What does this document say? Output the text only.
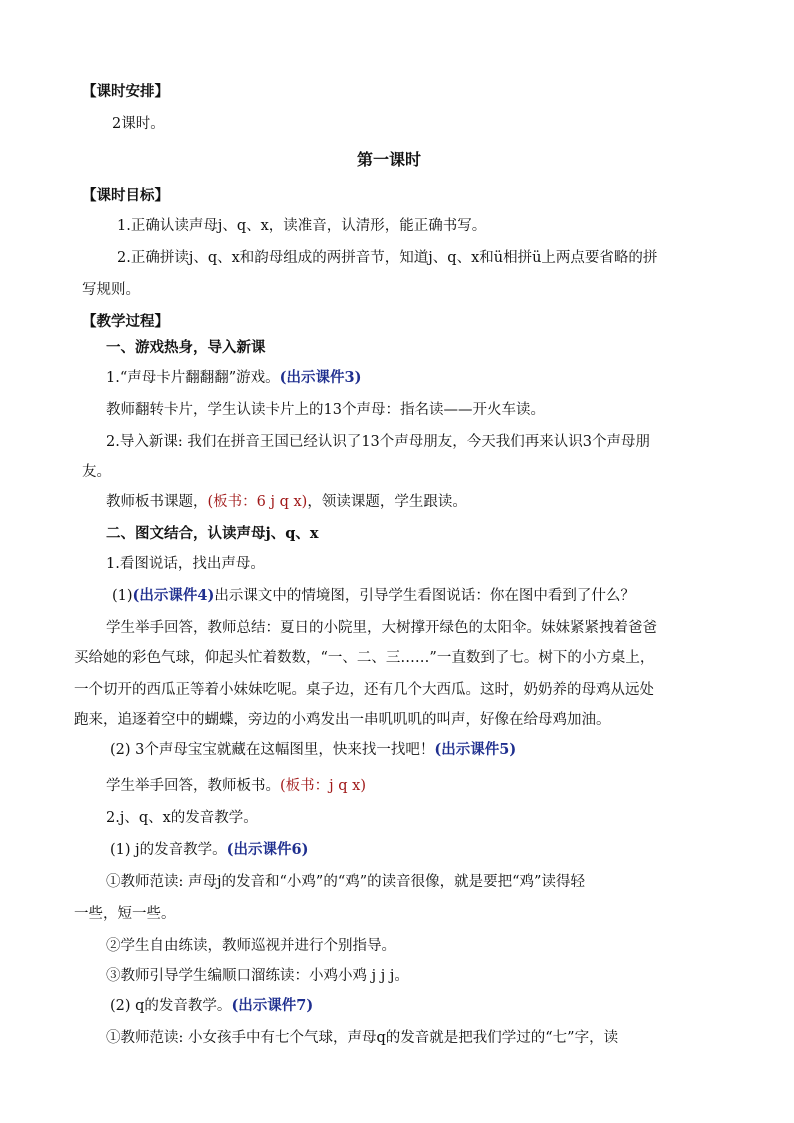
【课时安排】
2课时。
第一课时
【课时目标】
1.正确认读声母j、q、x，读准音，认清形，能正确书写。
2.正确拼读j、q、x和韵母组成的两拼音节，知道j、q、x和ü相拼ü上两点要省略的拼
写规则。
【教学过程】
一、游戏热身，导入新课
1.“声母卡片翻翻翻”游戏。(出示课件3)
教师翻转卡片，学生认读卡片上的13个声母：指名读——开火车读。
2.导入新课: 我们在拼音王国已经认识了13个声母朋友，今天我们再来认识3个声母朋
友。
教师板书课题，(板书：6 j q x)，领读课题，学生跟读。
二、图文结合，认读声母j、q、x
1.看图说话，找出声母。
(1)(出示课件4)出示课文中的情境图，引导学生看图说话：你在图中看到了什么？
学生举手回答，教师总结：夏日的小院里，大树撑开绿色的太阳伞。妹妹紧紧拽着爸爸
买给她的彩色气球，仰起头忙着数数，“一、二、三……”一直数到了七。树下的小方桌上，
一个切开的西瓜正等着小妹妹吃呢。桌子边，还有几个大西瓜。这时，奶奶养的母鸡从远处
跑来，追逐着空中的蝴蝶，旁边的小鸡发出一串叽叽叽的叫声，好像在给母鸡加油。
(2) 3个声母宝宝就藏在这幅图里，快来找一找吧！(出示课件5)
学生举手回答，教师板书。(板书：j q x)
2.j、q、x的发音教学。
(1) j的发音教学。(出示课件6)
①教师范读: 声母j的发音和“小鸡”的“鸡”的读音很像，就是要把“鸡”读得轻
一些，短一些。
②学生自由练读，教师巡视并进行个别指导。
③教师引导学生编顺口溜练读：小鸡小鸡 j j j。
(2) q的发音教学。(出示课件7)
①教师范读: 小女孩手中有七个气球，声母q的发音就是把我们学过的“七”字，读
